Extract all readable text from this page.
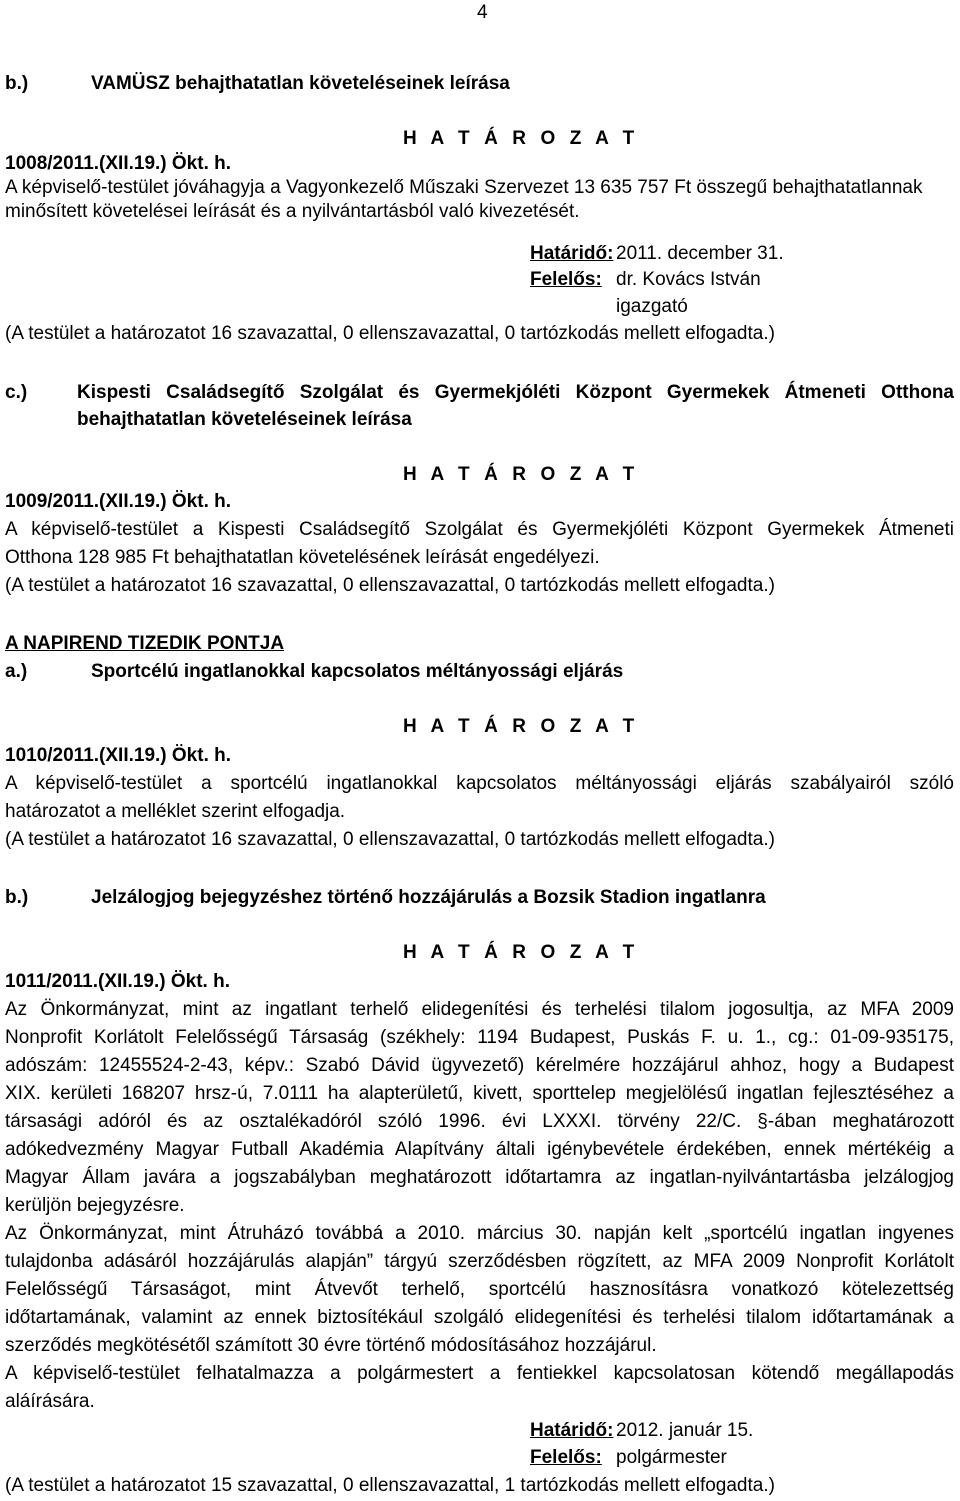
4
b.)	VAMÜSZ behajthatatlan követeléseinek leírása
H A T Á R O Z A T
1008/2011.(XII.19.) Ökt. h.
A képviselő-testület jóváhagyja a Vagyonkezelő Műszaki Szervezet 13 635 757 Ft összegű behajthatatlannak
minősített követelései leírását és a nyilvántartásból való kivezetését.
Határidő: 2011. december 31.
Felelős: dr. Kovács István
igazgató
(A testület a határozatot 16 szavazattal, 0 ellenszavazattal, 0 tartózkodás mellett elfogadta.)
c.)	Kispesti Családsegítő Szolgálat és Gyermekjóléti Központ Gyermekek Átmeneti Otthona
behajthatatlan követeléseinek leírása
H A T Á R O Z A T
1009/2011.(XII.19.) Ökt. h.
A képviselő-testület a Kispesti Családsegítő Szolgálat és Gyermekjóléti Központ Gyermekek Átmeneti
Otthona 128 985 Ft behajthatatlan követelésének leírását engedélyezi.
(A testület a határozatot 16 szavazattal, 0 ellenszavazattal, 0 tartózkodás mellett elfogadta.)
A NAPIREND TIZEDIK PONTJA
a.)	Sportcélú ingatlanokkal kapcsolatos méltányossági eljárás
H A T Á R O Z A T
1010/2011.(XII.19.) Ökt. h.
A képviselő-testület a sportcélú ingatlanokkal kapcsolatos méltányossági eljárás szabályairól szóló
határozatot a melléklet szerint elfogadja.
(A testület a határozatot 16 szavazattal, 0 ellenszavazattal, 0 tartózkodás mellett elfogadta.)
b.)	Jelzálogjog bejegyzéshez történő hozzájárulás a Bozsik Stadion ingatlanra
H A T Á R O Z A T
1011/2011.(XII.19.) Ökt. h.
Az Önkormányzat, mint az ingatlant terhelő elidegenítési és terhelési tilalom jogosultja, az MFA 2009
Nonprofit Korlátolt Felelősségű Társaság (székhely: 1194 Budapest, Puskás F. u. 1., cg.: 01-09-935175,
adószám: 12455524-2-43, képv.: Szabó Dávid ügyvezető) kérelmére hozzájárul ahhoz, hogy a Budapest
XIX. kerületi 168207 hrsz-ú, 7.0111 ha alapterületű, kivett, sporttelep megjelölésű ingatlan fejlesztéséhez a
társasági adóról és az osztalékadóról szóló 1996. évi LXXXI. törvény 22/C. §-ában meghatározott
adókedvezmény Magyar Futball Akadémia Alapítvány általi igénybevétele érdekében, ennek mértékéig a
Magyar Állam javára a jogszabályban meghatározott időtartamra az ingatlan-nyilvántartásba jelzálogjog
kerüljön bejegyzésre.
Az Önkormányzat, mint Átruházó továbbá a 2010. március 30. napján kelt „sportcélú ingatlan ingyenes
tulajdonba adásáról hozzájárulás alapján” tárgyú szerződésben rögzített, az MFA 2009 Nonprofit Korlátolt
Felelősségű Társaságot, mint Átvevőt terhelő, sportcélú hasznosításra vonatkozó kötelezettség
időtartamának, valamint az ennek biztosítékául szolgáló elidegenítési és terhelési tilalom időtartamának a
szerződés megkötésétől számított 30 évre történő módosításához hozzájárul.
A képviselő-testület felhatalmazza a polgármestert a fentiekkel kapcsolatosan kötendő megállapodás
aláírására.
Határidő: 2012. január 15.
Felelős: polgármester
(A testület a határozatot 15 szavazattal, 0 ellenszavazattal, 1 tartózkodás mellett elfogadta.)
